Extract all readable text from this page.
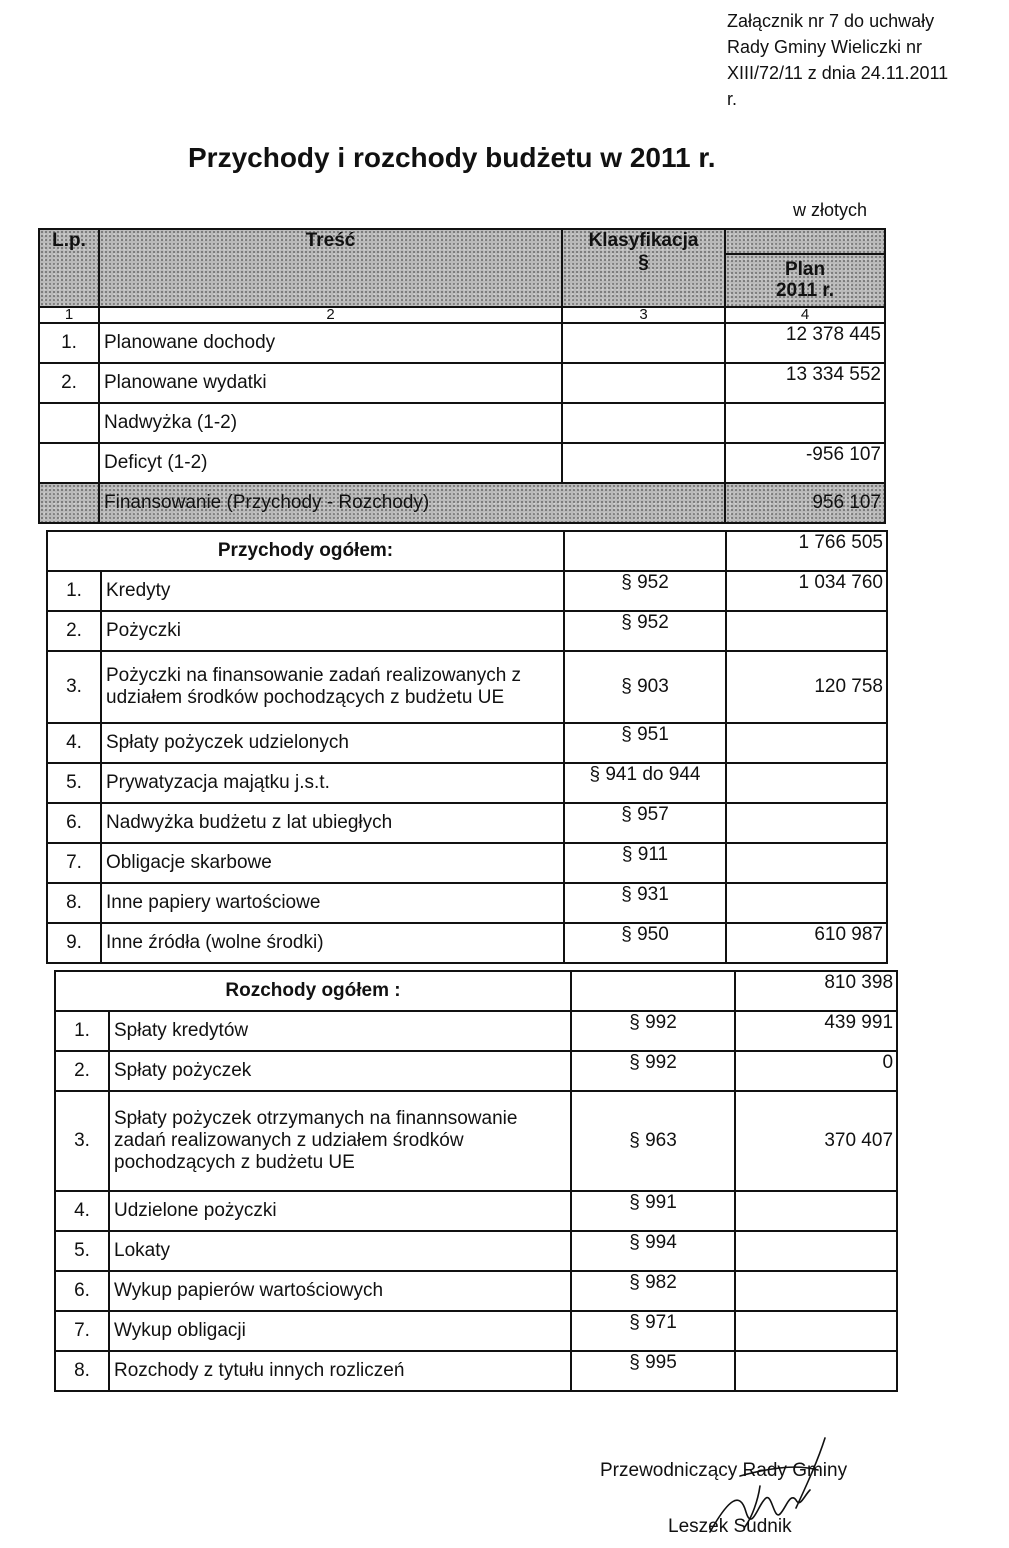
Załącznik nr 7 do uchwały
Rady Gminy Wieliczki nr
XIII/72/11 z dnia 24.11.2011
r.
Przychody i rozchody budżetu w 2011 r.
w złotych
L.p.	Treść	Klasyfikacja
§	

			Plan
2011 r.

1	2	3	4
1.	Planowane dochody		12 378 445
2.	Planowane wydatki		13 334 552
	Nadwyżka (1-2)		
	Deficyt (1-2)		-956 107
	Finansowanie (Przychody - Rozchody)		956 107
Przychody ogółem:			1 766 505
1.	Kredyty	§ 952	1 034 760
2.	Pożyczki	§ 952	
3.	Pożyczki na finansowanie zadań realizowanych z udziałem środków pochodzących z budżetu UE	§ 903	120 758
4.	Spłaty pożyczek udzielonych	§ 951	
5.	Prywatyzacja majątku j.s.t.	§ 941 do 944	
6.	Nadwyżka budżetu z lat ubiegłych	§ 957	
7.	Obligacje skarbowe	§ 911	
8.	Inne papiery wartościowe	§ 931	
9.	Inne źródła (wolne środki)	§ 950	610 987
Rozchody ogółem :			810 398
1.	Spłaty kredytów	§ 992	439 991
2.	Spłaty pożyczek	§ 992	0
3.	Spłaty pożyczek otrzymanych na finannsowanie zadań realizowanych z udziałem środków pochodzących z budżetu UE	§ 963	370 407
4.	Udzielone pożyczki	§ 991	
5.	Lokaty	§ 994	
6.	Wykup papierów wartościowych	§ 982	
7.	Wykup obligacji	§ 971	
8.	Rozchody z tytułu innych rozliczeń	§ 995	
Przewodniczący Rady Gminy
Leszek Sudnik
